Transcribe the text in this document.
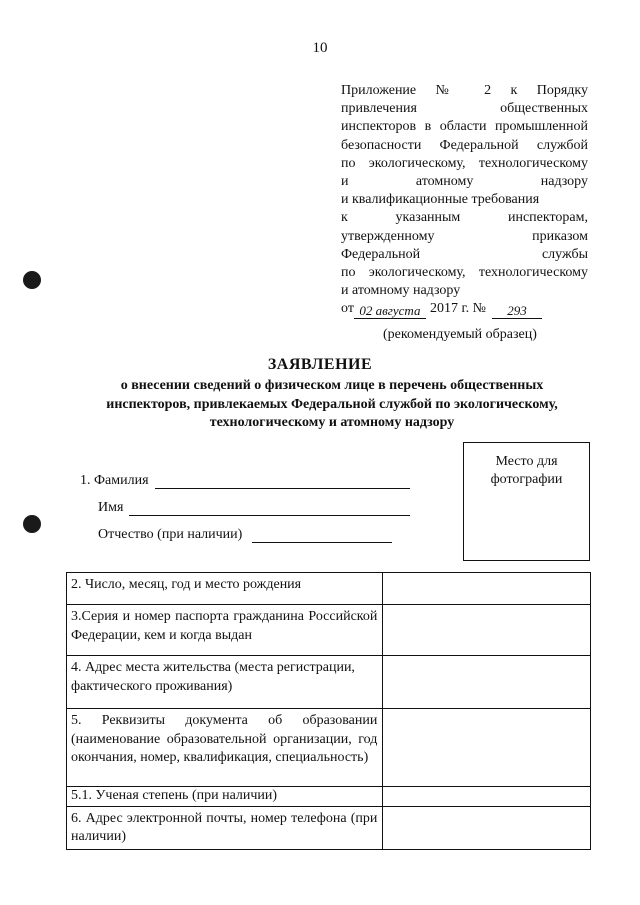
10
Приложение № 2 к Порядку
привлечения общественных
инспекторов в области промышленной
безопасности Федеральной службой
по экологическому, технологическому
и атомному надзору
и квалификационные требования
к указанным инспекторам,
утвержденному приказом
Федеральной службы
по экологическому, технологическому
и атомному надзору
от 02 августа 2017 г. №	293
(рекомендуемый образец)
ЗАЯВЛЕНИЕ
о внесении сведений о физическом лице в перечень общественных
инспекторов, привлекаемых Федеральной службой по экологическому,
технологическому и атомному надзору
1. Фамилия
Имя
Отчество (при наличии)
Место для
фотографии
2. Число, месяц, год и место рождения	
3.Серия и номер паспорта гражданина Российской Федерации, кем и когда выдан	
4. Адрес места жительства (места регистрации, фактического проживания)	
5. Реквизиты документа об образовании (наименование образовательной организации, год окончания, номер, квалификация, специальность)	
5.1. Ученая степень (при наличии)	
6. Адрес электронной почты, номер телефона (при наличии)	
